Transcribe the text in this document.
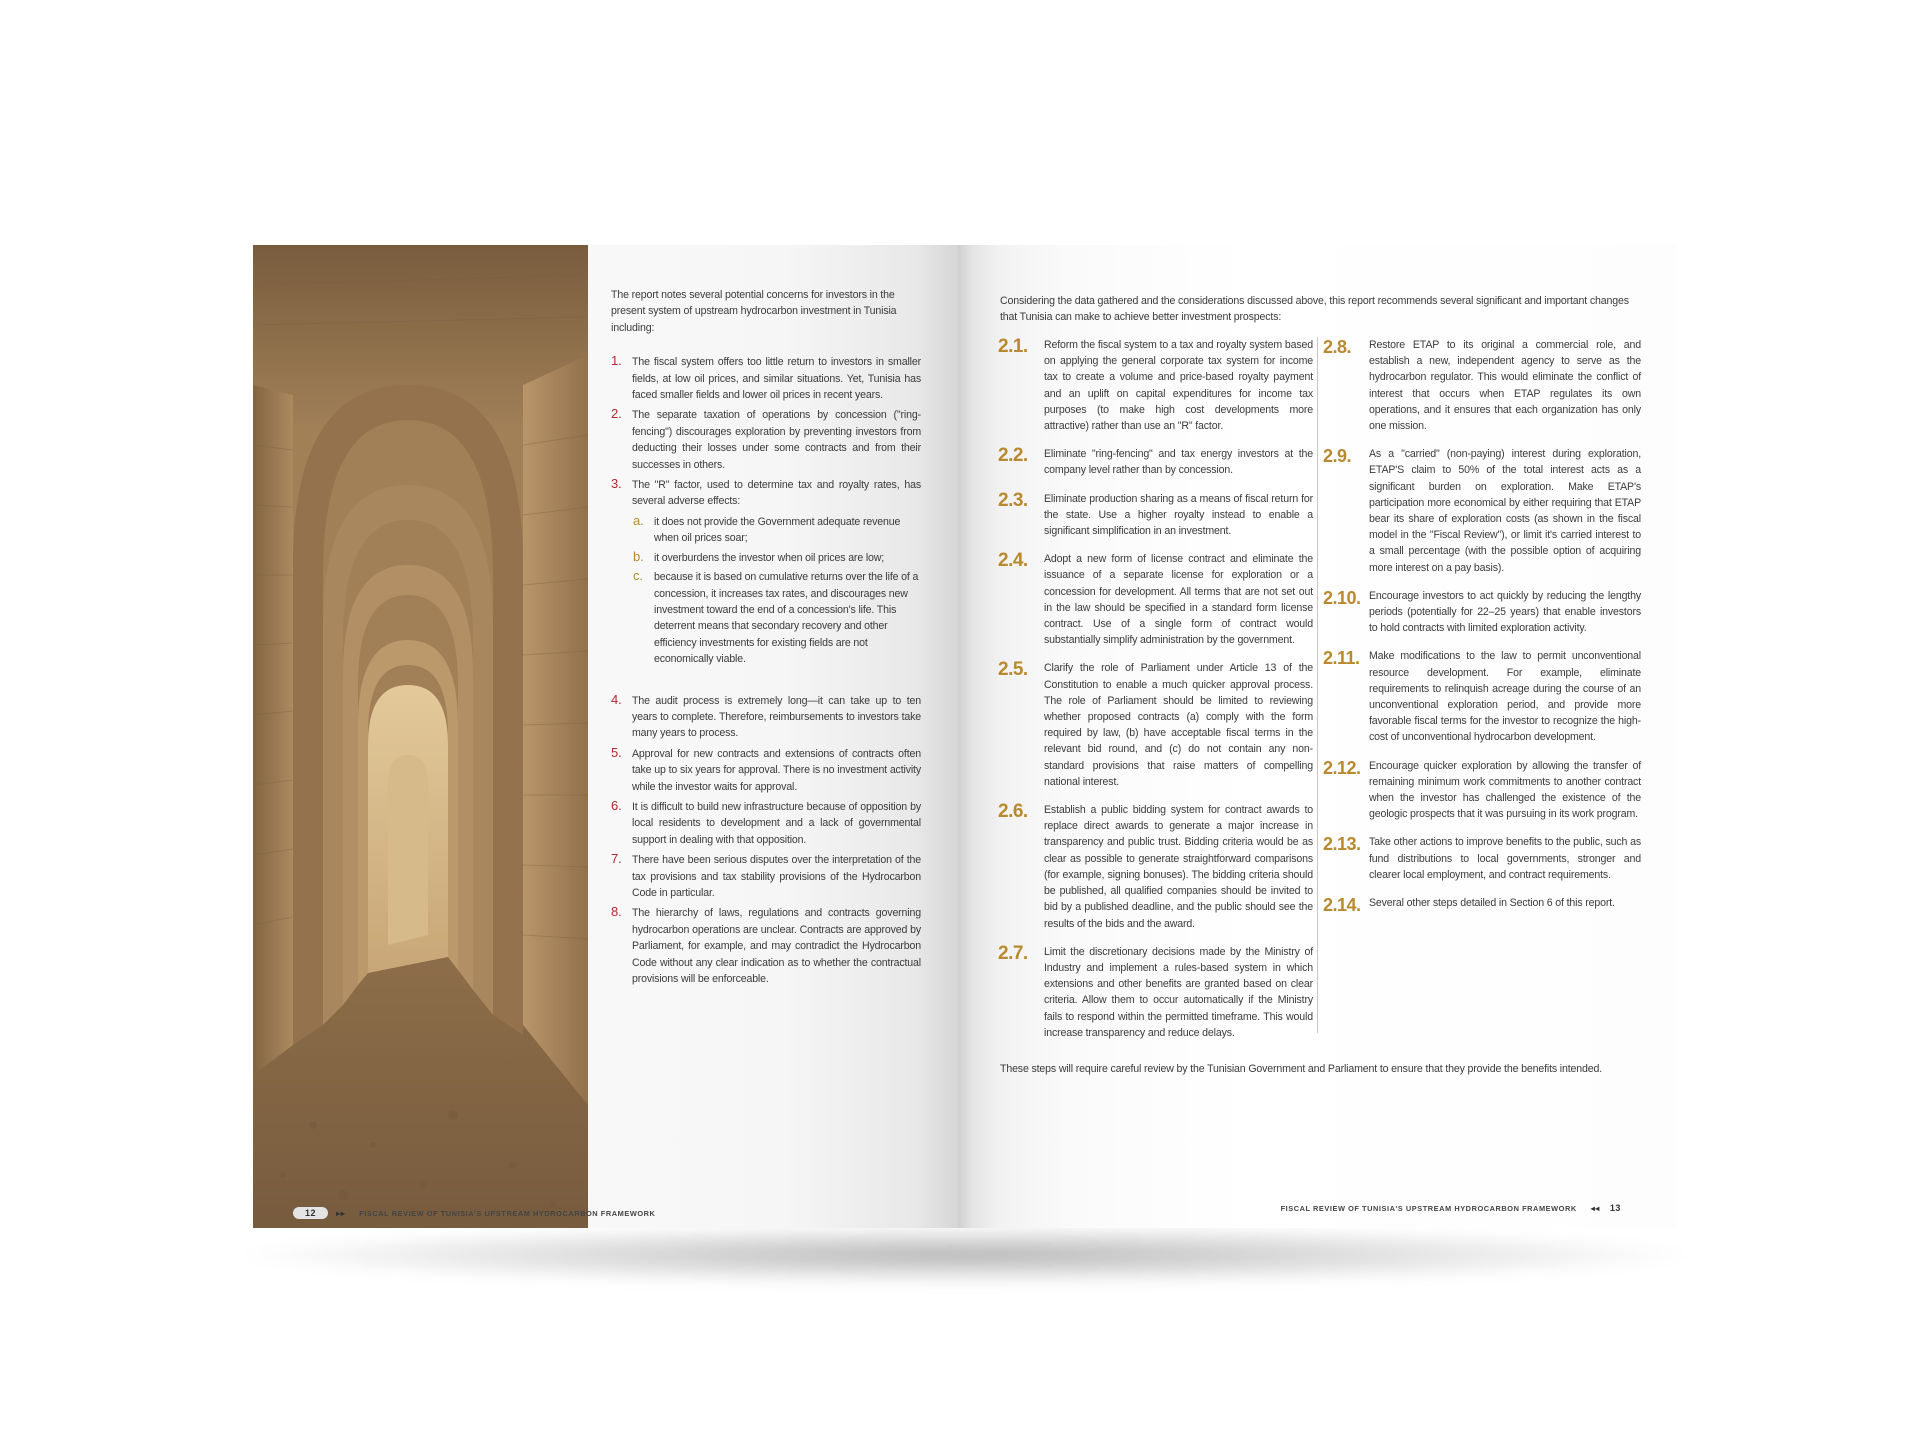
The report notes several potential concerns for investors in the present system of upstream hydrocarbon investment in Tunisia including:

1. The fiscal system offers too little return to investors in smaller fields, at low oil prices, and similar situations. Yet, Tunisia has faced smaller fields and lower oil prices in recent years.
2. The separate taxation of operations by concession ("ring-fencing") discourages exploration by preventing investors from deducting their losses under some contracts and from their successes in others.
3. The "R" factor, used to determine tax and royalty rates, has several adverse effects:
a. it does not provide the Government adequate revenue when oil prices soar;
b. it overburdens the investor when oil prices are low;
c. because it is based on cumulative returns over the life of a concession, it increases tax rates, and discourages new investment toward the end of a concession's life. This deterrent means that secondary recovery and other efficiency investments for existing fields are not economically viable.
4. The audit process is extremely long—it can take up to ten years to complete. Therefore, reimbursements to investors take many years to process.
5. Approval for new contracts and extensions of contracts often take up to six years for approval. There is no investment activity while the investor waits for approval.
6. It is difficult to build new infrastructure because of opposition by local residents to development and a lack of governmental support in dealing with that opposition.
7. There have been serious disputes over the interpretation of the tax provisions and tax stability provisions of the Hydrocarbon Code in particular.
8. The hierarchy of laws, regulations and contracts governing hydrocarbon operations are unclear. Contracts are approved by Parliament, for example, and may contradict the Hydrocarbon Code without any clear indication as to whether the contractual provisions will be enforceable.
12	▸▸ FISCAL REVIEW OF TUNISIA'S UPSTREAM HYDROCARBON FRAMEWORK

Considering the data gathered and the considerations discussed above, this report recommends several significant and important changes that Tunisia can make to achieve better investment prospects:

2.1.	Reform the fiscal system to a tax and royalty system based on applying the general corporate tax system for income tax to create a volume and price-based royalty payment and an uplift on capital expenditures for income tax purposes (to make high cost developments more attractive) rather than use an "R" factor.
2.2.	Eliminate "ring-fencing" and tax energy investors at the company level rather than by concession.
2.3.	Eliminate production sharing as a means of fiscal return for the state. Use a higher royalty instead to enable a significant simplification in an investment.
2.4.	Adopt a new form of license contract and eliminate the issuance of a separate license for exploration or a concession for development. All terms that are not set out in the law should be specified in a standard form license contract. Use of a single form of contract would substantially simplify administration by the government.
2.5.	Clarify the role of Parliament under Article 13 of the Constitution to enable a much quicker approval process. The role of Parliament should be limited to reviewing whether proposed contracts (a) comply with the form required by law, (b) have acceptable fiscal terms in the relevant bid round, and (c) do not contain any non-standard provisions that raise matters of compelling national interest.
2.6.	Establish a public bidding system for contract awards to replace direct awards to generate a major increase in transparency and public trust. Bidding criteria would be as clear as possible to generate straightforward comparisons (for example, signing bonuses). The bidding criteria should be published, all qualified companies should be invited to bid by a published deadline, and the public should see the results of the bids and the award.
2.7.	Limit the discretionary decisions made by the Ministry of Industry and implement a rules-based system in which extensions and other benefits are granted based on clear criteria. Allow them to occur automatically if the Ministry fails to respond within the permitted timeframe. This would increase transparency and reduce delays.
2.8.	Restore ETAP to its original a commercial role, and establish a new, independent agency to serve as the hydrocarbon regulator. This would eliminate the conflict of interest that occurs when ETAP regulates its own operations, and it ensures that each organization has only one mission.
2.9.	As a "carried" (non-paying) interest during exploration, ETAP'S claim to 50% of the total interest acts as a significant burden on exploration. Make ETAP's participation more economical by either requiring that ETAP bear its share of exploration costs (as shown in the fiscal model in the "Fiscal Review"), or limit it's carried interest to a small percentage (with the possible option of acquiring more interest on a pay basis).
2.10. Encourage investors to act quickly by reducing the lengthy periods (potentially for 22–25 years) that enable investors to hold contracts with limited exploration activity.
2.11. Make modifications to the law to permit unconventional resource development. For example, eliminate requirements to relinquish acreage during the course of an unconventional exploration period, and provide more favorable fiscal terms for the investor to recognize the high-cost of unconventional hydrocarbon development.
2.12. Encourage quicker exploration by allowing the transfer of remaining minimum work commitments to another contract when the investor has challenged the existence of the geologic prospects that it was pursuing in its work program.
2.13. Take other actions to improve benefits to the public, such as fund distributions to local governments, stronger and clearer local employment, and contract requirements.
2.14. Several other steps detailed in Section 6 of this report.

These steps will require careful review by the Tunisian Government and Parliament to ensure that they provide the benefits intended.

FISCAL REVIEW OF TUNISIA'S UPSTREAM HYDROCARBON FRAMEWORK ◂◂ 13
